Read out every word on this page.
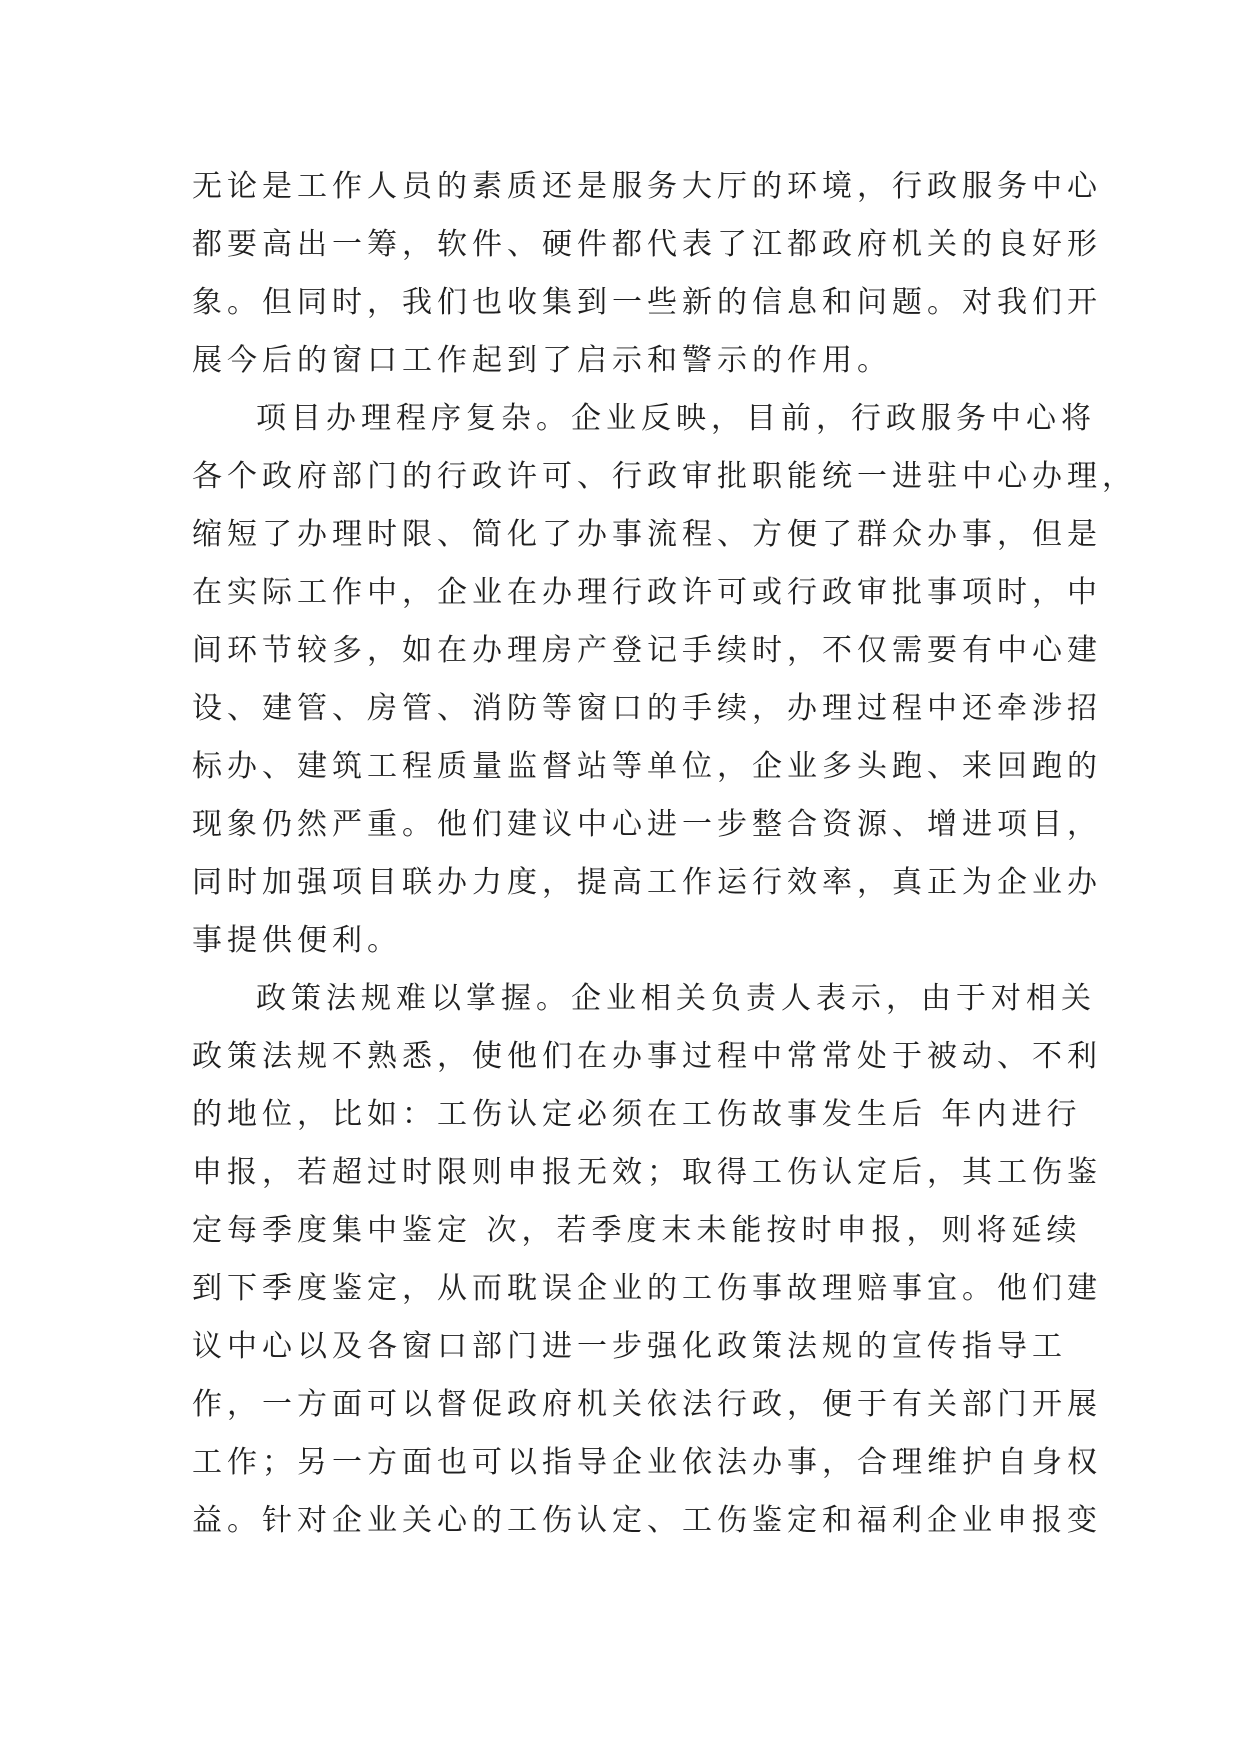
无论是工作人员的素质还是服务大厅的环境，行政服务中心
都要高出一筹，软件、硬件都代表了江都政府机关的良好形
象。但同时，我们也收集到一些新的信息和问题。对我们开
展今后的窗口工作起到了启示和警示的作用。
项目办理程序复杂。企业反映，目前，行政服务中心将
各个政府部门的行政许可、行政审批职能统一进驻中心办理，
缩短了办理时限、简化了办事流程、方便了群众办事，但是
在实际工作中，企业在办理行政许可或行政审批事项时，中
间环节较多，如在办理房产登记手续时，不仅需要有中心建
设、建管、房管、消防等窗口的手续，办理过程中还牵涉招
标办、建筑工程质量监督站等单位，企业多头跑、来回跑的
现象仍然严重。他们建议中心进一步整合资源、增进项目，
同时加强项目联办力度，提高工作运行效率，真正为企业办
事提供便利。
政策法规难以掌握。企业相关负责人表示，由于对相关
政策法规不熟悉，使他们在办事过程中常常处于被动、不利
的地位，比如：工伤认定必须在工伤故事发生后 年内进行
申报，若超过时限则申报无效；取得工伤认定后，其工伤鉴
定每季度集中鉴定 次，若季度末未能按时申报，则将延续
到下季度鉴定，从而耽误企业的工伤事故理赔事宜。他们建
议中心以及各窗口部门进一步强化政策法规的宣传指导工
作，一方面可以督促政府机关依法行政，便于有关部门开展
工作；另一方面也可以指导企业依法办事，合理维护自身权
益。针对企业关心的工伤认定、工伤鉴定和福利企业申报变
